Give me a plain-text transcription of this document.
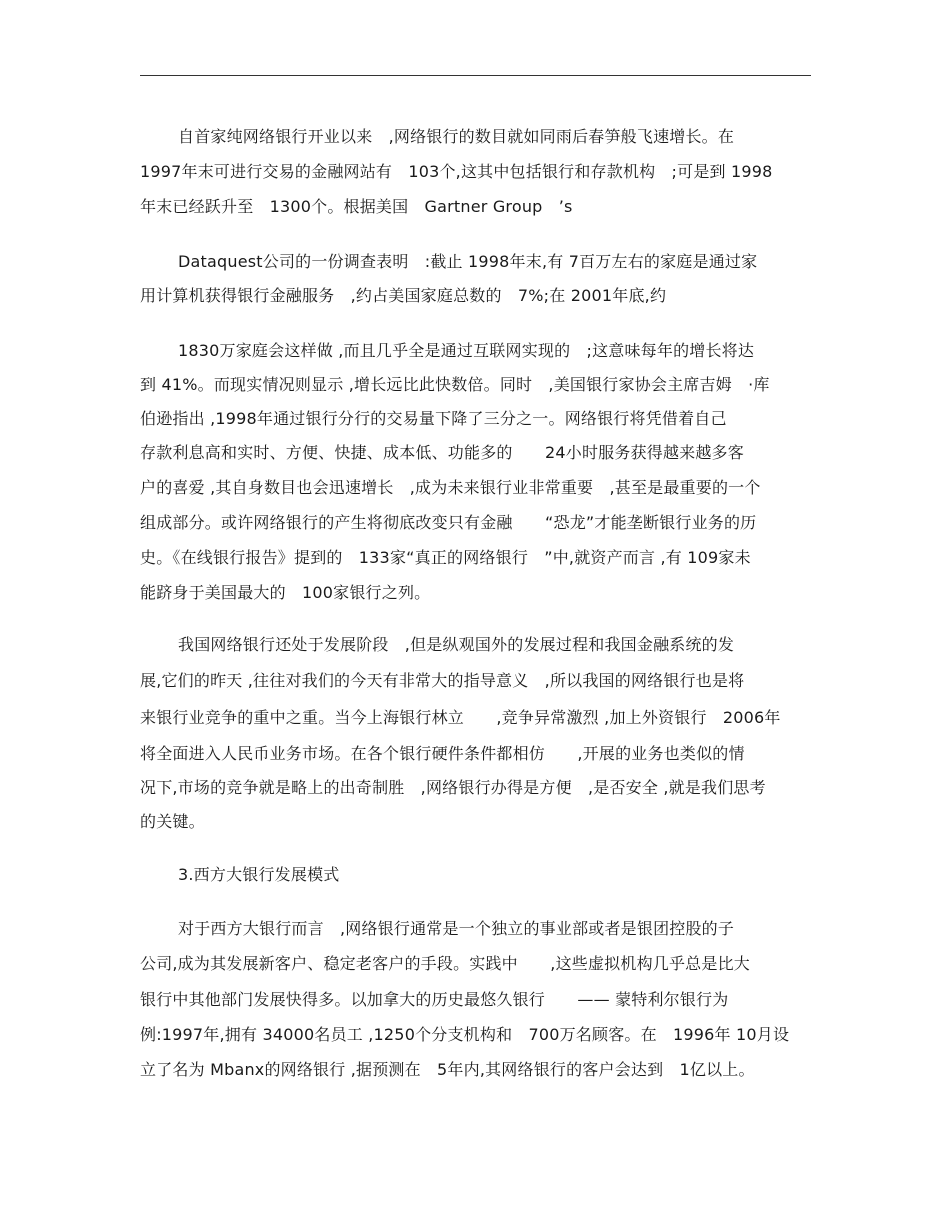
自首家纯网络银行开业以来　,网络银行的数目就如同雨后春笋般飞速增长。在
1997年末可进行交易的金融网站有　103个,这其中包括银行和存款机构　;可是到 1998
年末已经跃升至　1300个。根据美国　Gartner Group　’s
Dataquest公司的一份调查表明　:截止 1998年末,有 7百万左右的家庭是通过家
用计算机获得银行金融服务　,约占美国家庭总数的　7%;在 2001年底,约
1830万家庭会这样做 ,而且几乎全是通过互联网实现的　;这意味每年的增长将达
到 41%。而现实情况则显示 ,增长远比此快数倍。同时　,美国银行家协会主席吉姆　·库
伯逊指出 ,1998年通过银行分行的交易量下降了三分之一。网络银行将凭借着自己
存款利息高和实时、方便、快捷、成本低、功能多的　　24小时服务获得越来越多客
户的喜爱 ,其自身数目也会迅速增长　,成为未来银行业非常重要　,甚至是最重要的一个
组成部分。或许网络银行的产生将彻底改变只有金融　　“恐龙”才能垄断银行业务的历
史。《在线银行报告》提到的　133家“真正的网络银行　”中,就资产而言 ,有 109家未
能跻身于美国最大的　100家银行之列。
我国网络银行还处于发展阶段　,但是纵观国外的发展过程和我国金融系统的发
展,它们的昨天 ,往往对我们的今天有非常大的指导意义　,所以我国的网络银行也是将
来银行业竞争的重中之重。当今上海银行林立　　,竞争异常激烈 ,加上外资银行　2006年
将全面进入人民币业务市场。在各个银行硬件条件都相仿　　,开展的业务也类似的情
况下,市场的竞争就是略上的出奇制胜　,网络银行办得是方便　,是否安全 ,就是我们思考
的关键。
3.西方大银行发展模式
对于西方大银行而言　,网络银行通常是一个独立的事业部或者是银团控股的子
公司,成为其发展新客户、稳定老客户的手段。实践中　　,这些虚拟机构几乎总是比大
银行中其他部门发展快得多。以加拿大的历史最悠久银行　　—— 蒙特利尔银行为
例:1997年,拥有 34000名员工 ,1250个分支机构和　700万名顾客。在　1996年 10月设
立了名为 Mbanx的网络银行 ,据预测在　5年内,其网络银行的客户会达到　1亿以上。
